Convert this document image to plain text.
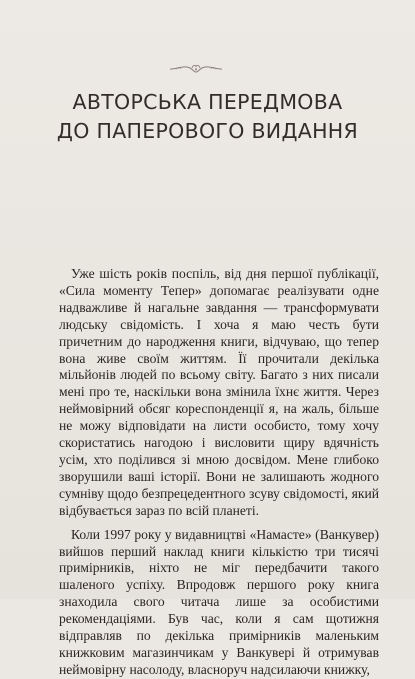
АВТОРСЬКА ПЕРЕДМОВА
ДО ПАПЕРОВОГО ВИДАННЯ

Уже шість років поспіль, від дня першої публікації, «Сила моменту Тепер» допомагає реалізувати одне надважливе й нагальне завдання — трансформувати людську свідомість. І хоча я маю честь бути причетним до народження книги, відчуваю, що тепер вона живе своїм життям. Її прочитали декілька мільйонів людей по всьому світу. Багато з них писали мені про те, наскільки вона змінила їхнє життя. Через неймовірний обсяг кореспонденції я, на жаль, більше не можу відповідати на листи особисто, тому хочу скористатись нагодою і висловити щиру вдячність усім, хто поділився зі мною досвідом. Мене глибоко зворушили ваші історії. Вони не залишають жодного сумніву щодо безпрецедентного зсуву свідомості, який відбувається зараз по всій планеті.

Коли 1997 року у видавництві «Намасте» (Ванкувер) вийшов перший наклад книги кількістю три тисячі примірників, ніхто не міг передбачити такого шаленого успіху. Впродовж першого року книга знаходила свого читача лише за особистими рекомендаціями. Був час, коли я сам щотижня відправляв по декілька примірників маленьким книжковим магазинчикам у Ванкувері й отримував неймовірну насолоду, власноруч надсилаючи книжку,
